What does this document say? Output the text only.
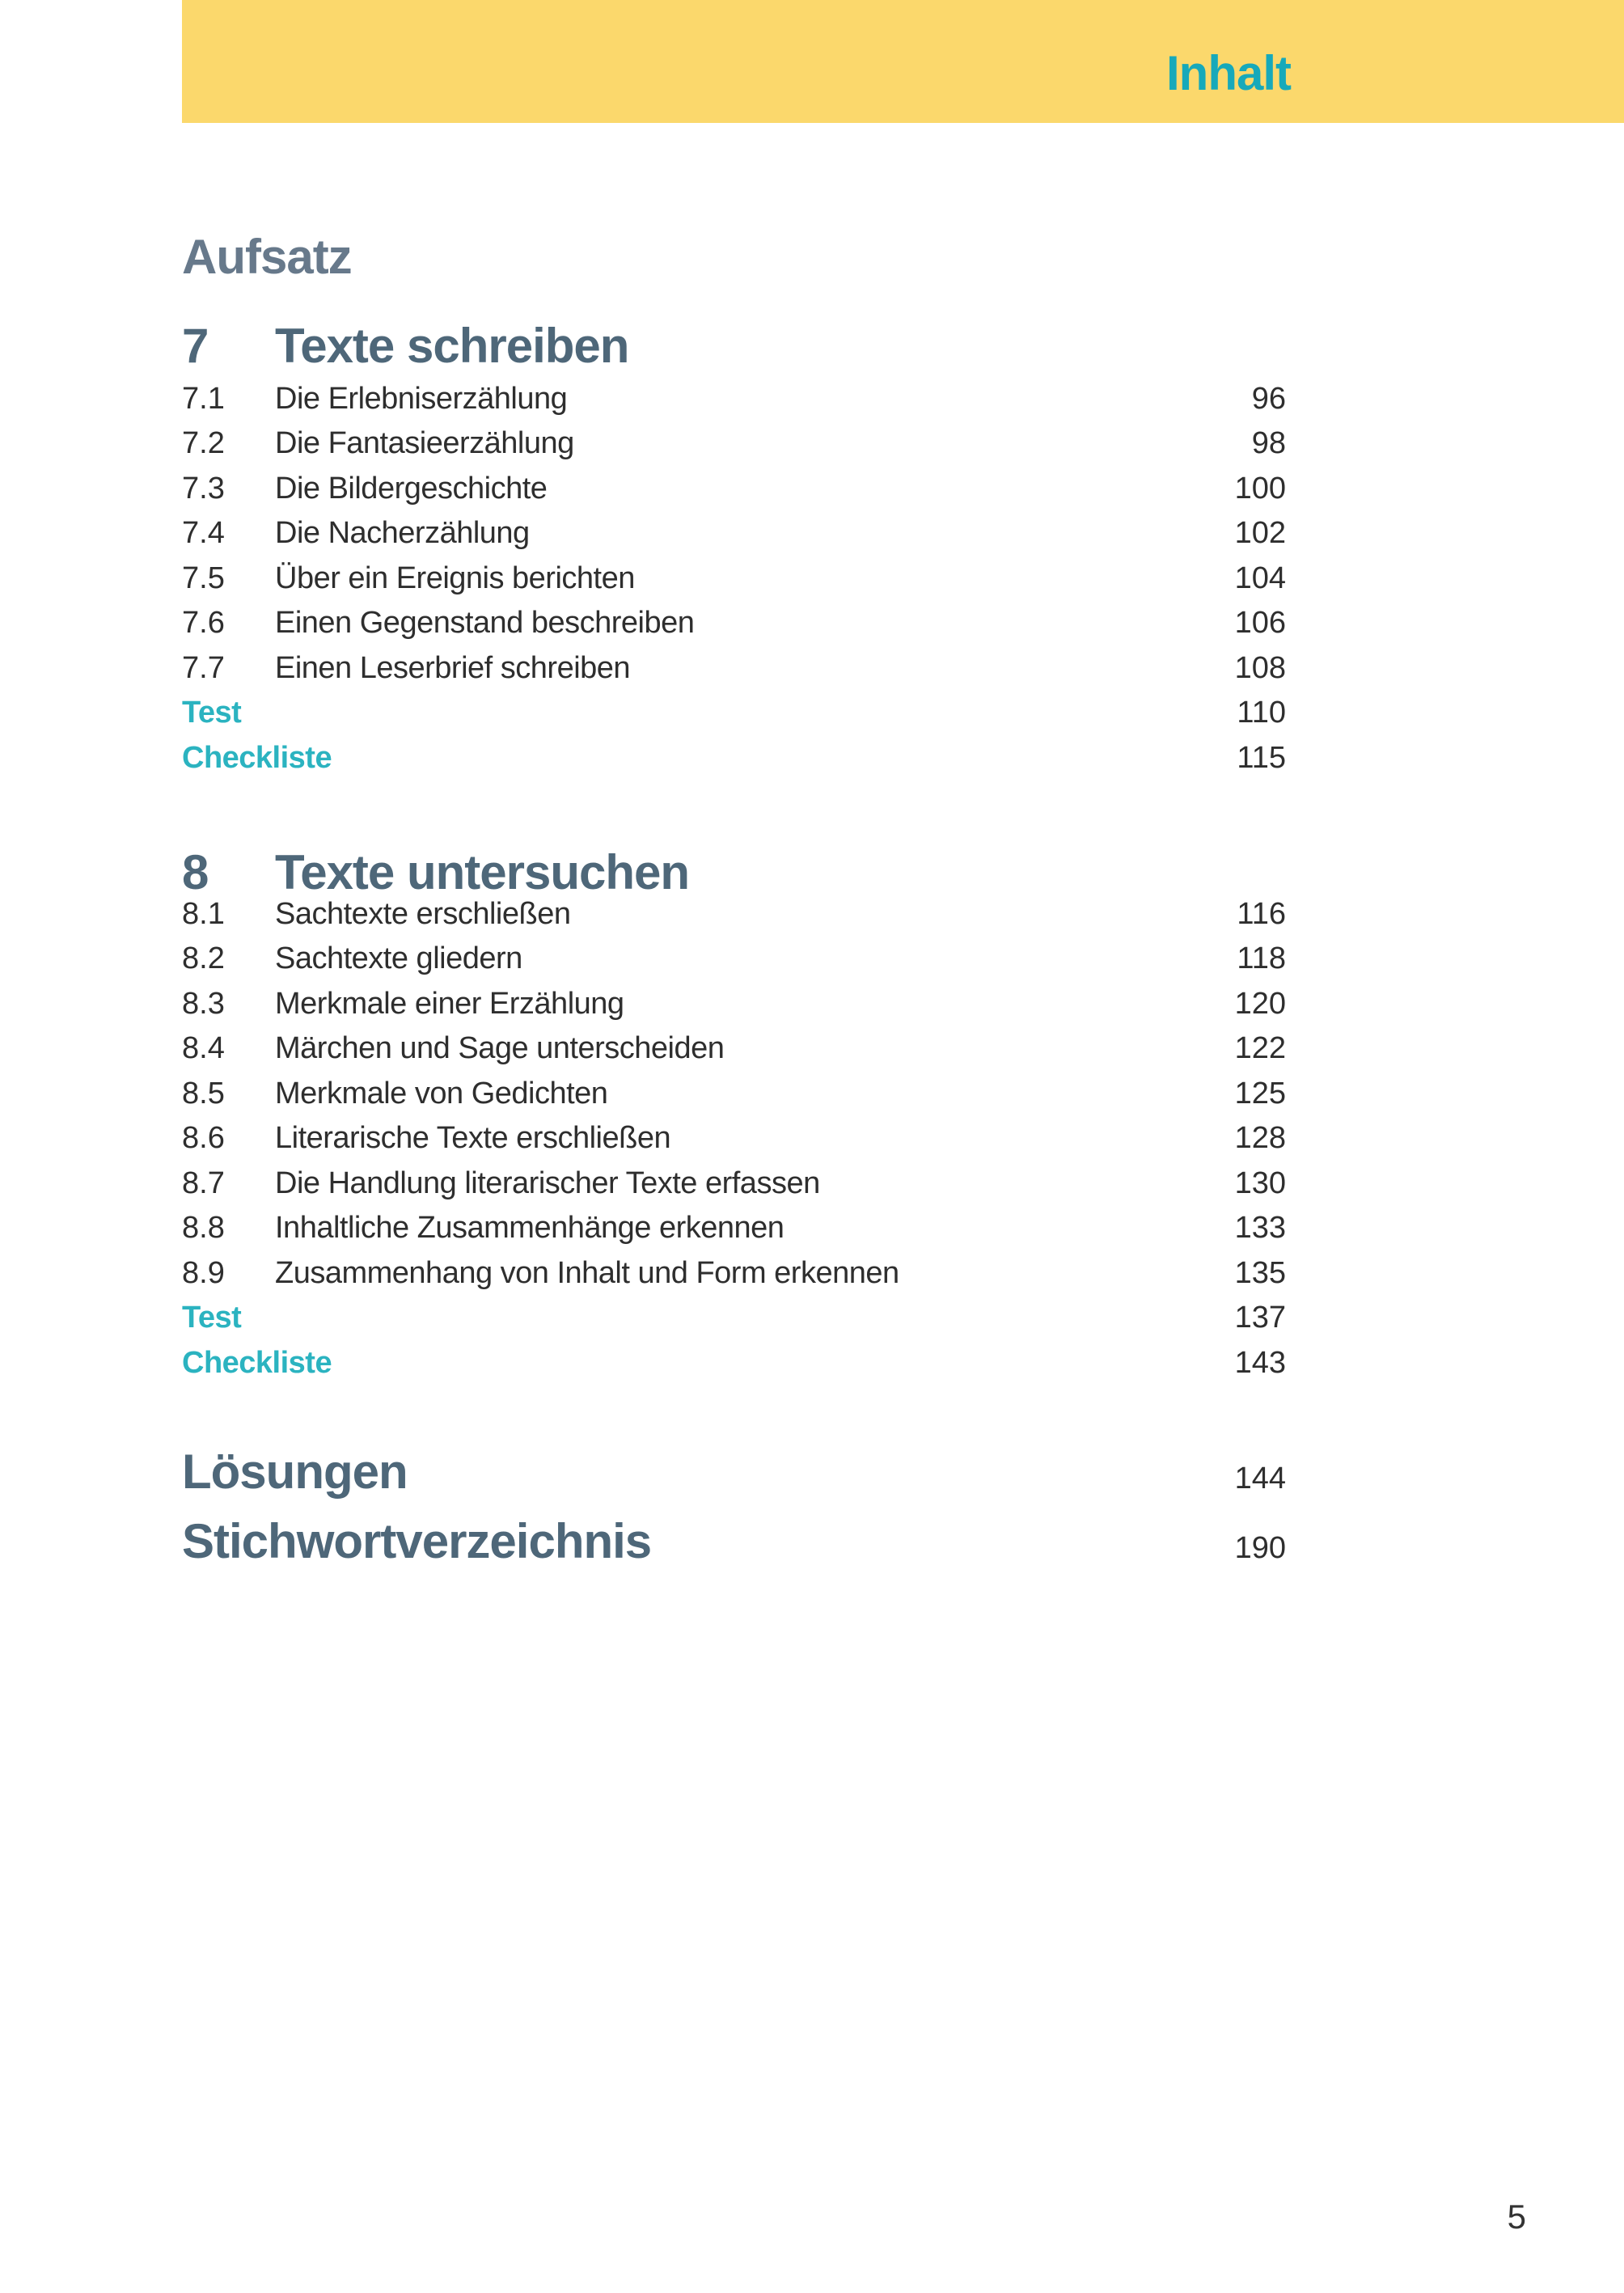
Inhalt
Aufsatz
7	Texte schreiben
7.1	Die Erlebniserzählung	96
7.2	Die Fantasieerzählung	98
7.3	Die Bildergeschichte	100
7.4	Die Nacherzählung	102
7.5	Über ein Ereignis berichten	104
7.6	Einen Gegenstand beschreiben	106
7.7	Einen Leserbrief schreiben	108
Test	110
Checkliste	115
8	Texte untersuchen
8.1	Sachtexte erschließen	116
8.2	Sachtexte gliedern	118
8.3	Merkmale einer Erzählung	120
8.4	Märchen und Sage unterscheiden	122
8.5	Merkmale von Gedichten	125
8.6	Literarische Texte erschließen	128
8.7	Die Handlung literarischer Texte erfassen	130
8.8	Inhaltliche Zusammenhänge erkennen	133
8.9	Zusammenhang von Inhalt und Form erkennen	135
Test	137
Checkliste	143
Lösungen	144
Stichwortverzeichnis	190
5
